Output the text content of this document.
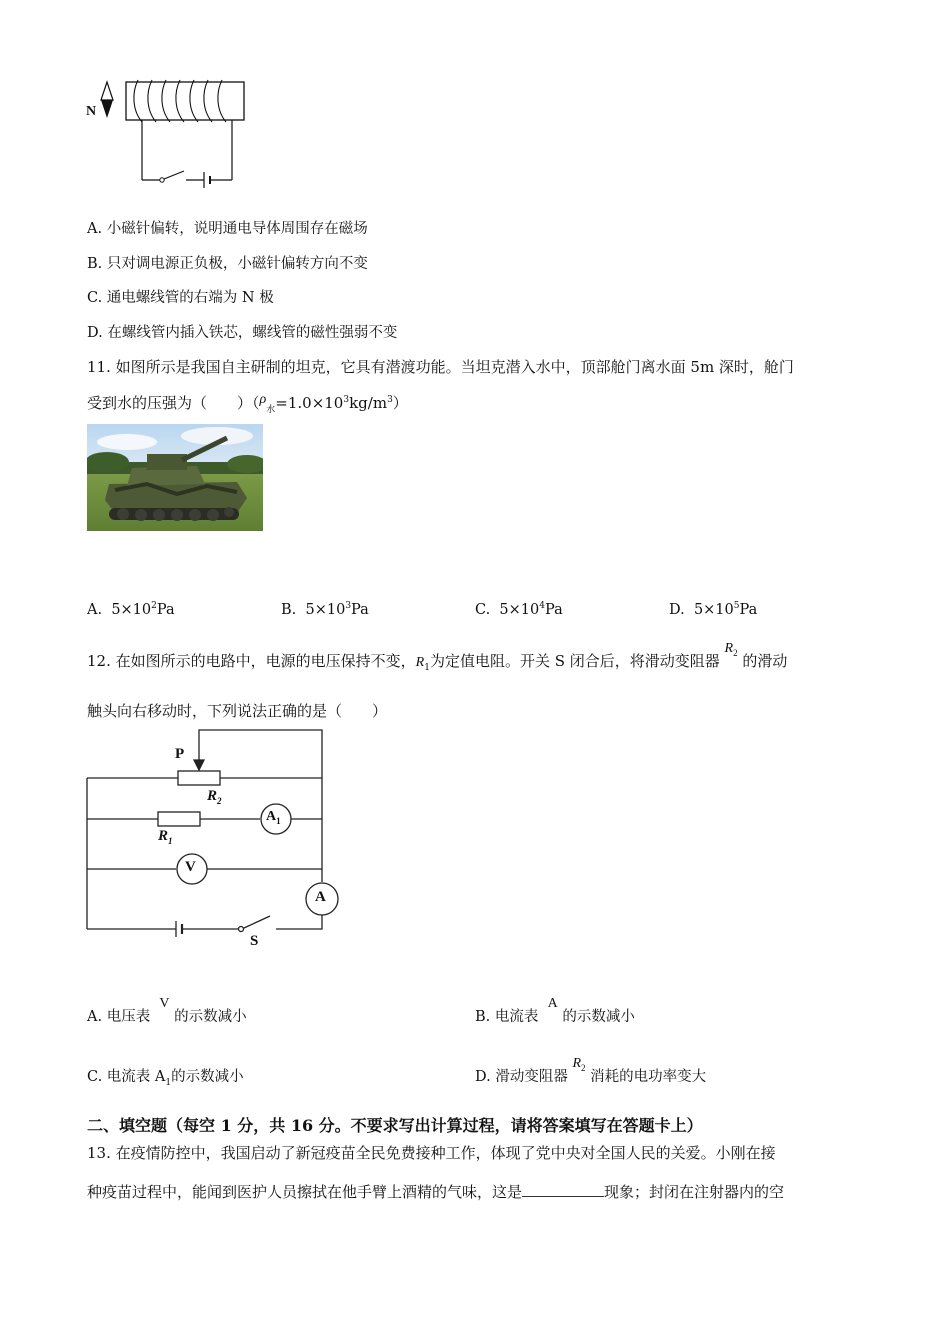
N
A. 小磁针偏转，说明通电导体周围存在磁场
B. 只对调电源正负极，小磁针偏转方向不变
C. 通电螺线管的右端为 N 极
D. 在螺线管内插入铁芯，螺线管的磁性强弱不变
11. 如图所示是我国自主研制的坦克，它具有潜渡功能。当坦克潜入水中，顶部舱门离水面 5m 深时，舱门
受到水的压强为（　　）$(\rho_水=1.0\times 10^3kg/m^3)$
A. $5\times 10^2Pa$	B. $5\times 10^3Pa$	C. $5\times 10^4Pa$	D. $5\times 10^5Pa$
12. 在如图所示的电路中，电源的电压保持不变，$R_1$为定值电阻。开关 S 闭合后，将滑动变阻器 $R_2$ 的滑动
触头向右移动时，下列说法正确的是（　　）
P
$R_2$
$R_1$
$A_1$
V
A
S
A. 电压表  V 的示数减小	B. 电流表  A 的示数减小
C. 电流表 $A_1$的示数减小	D. 滑动变阻器 $R_2$ 消耗的电功率变大
二、填空题（每空 1 分，共 16 分。不要求写出计算过程，请将答案填写在答题卡上）
13. 在疫情防控中，我国启动了新冠疫苗全民免费接种工作，体现了党中央对全国人民的关爱。小刚在接
种疫苗过程中，能闻到医护人员擦拭在他手臂上酒精的气味，这是	现象；封闭在注射器内的空
